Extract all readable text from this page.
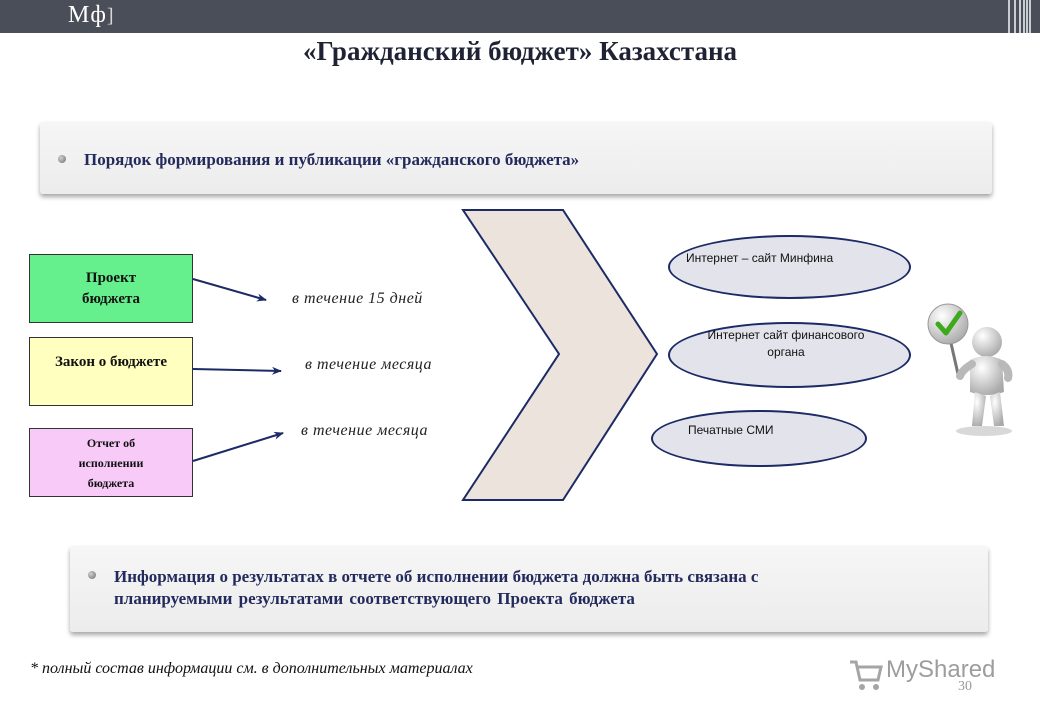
Мф]
«Гражданский бюджет» Казахстана
Порядок формирования и публикации «гражданского бюджета»
Проект бюджета
Закон о бюджете
Отчет об исполнении бюджета
в течение 15 дней
в течение месяца
в течение месяца
Интернет – сайт Минфина
Интернет сайт финансового органа
Печатные СМИ
Информация о результатах в отчете об исполнении бюджета должна быть связана с
планируемыми результатами соответствующего Проекта бюджета
* полный состав информации см. в дополнительных материалах	MyShared
30
